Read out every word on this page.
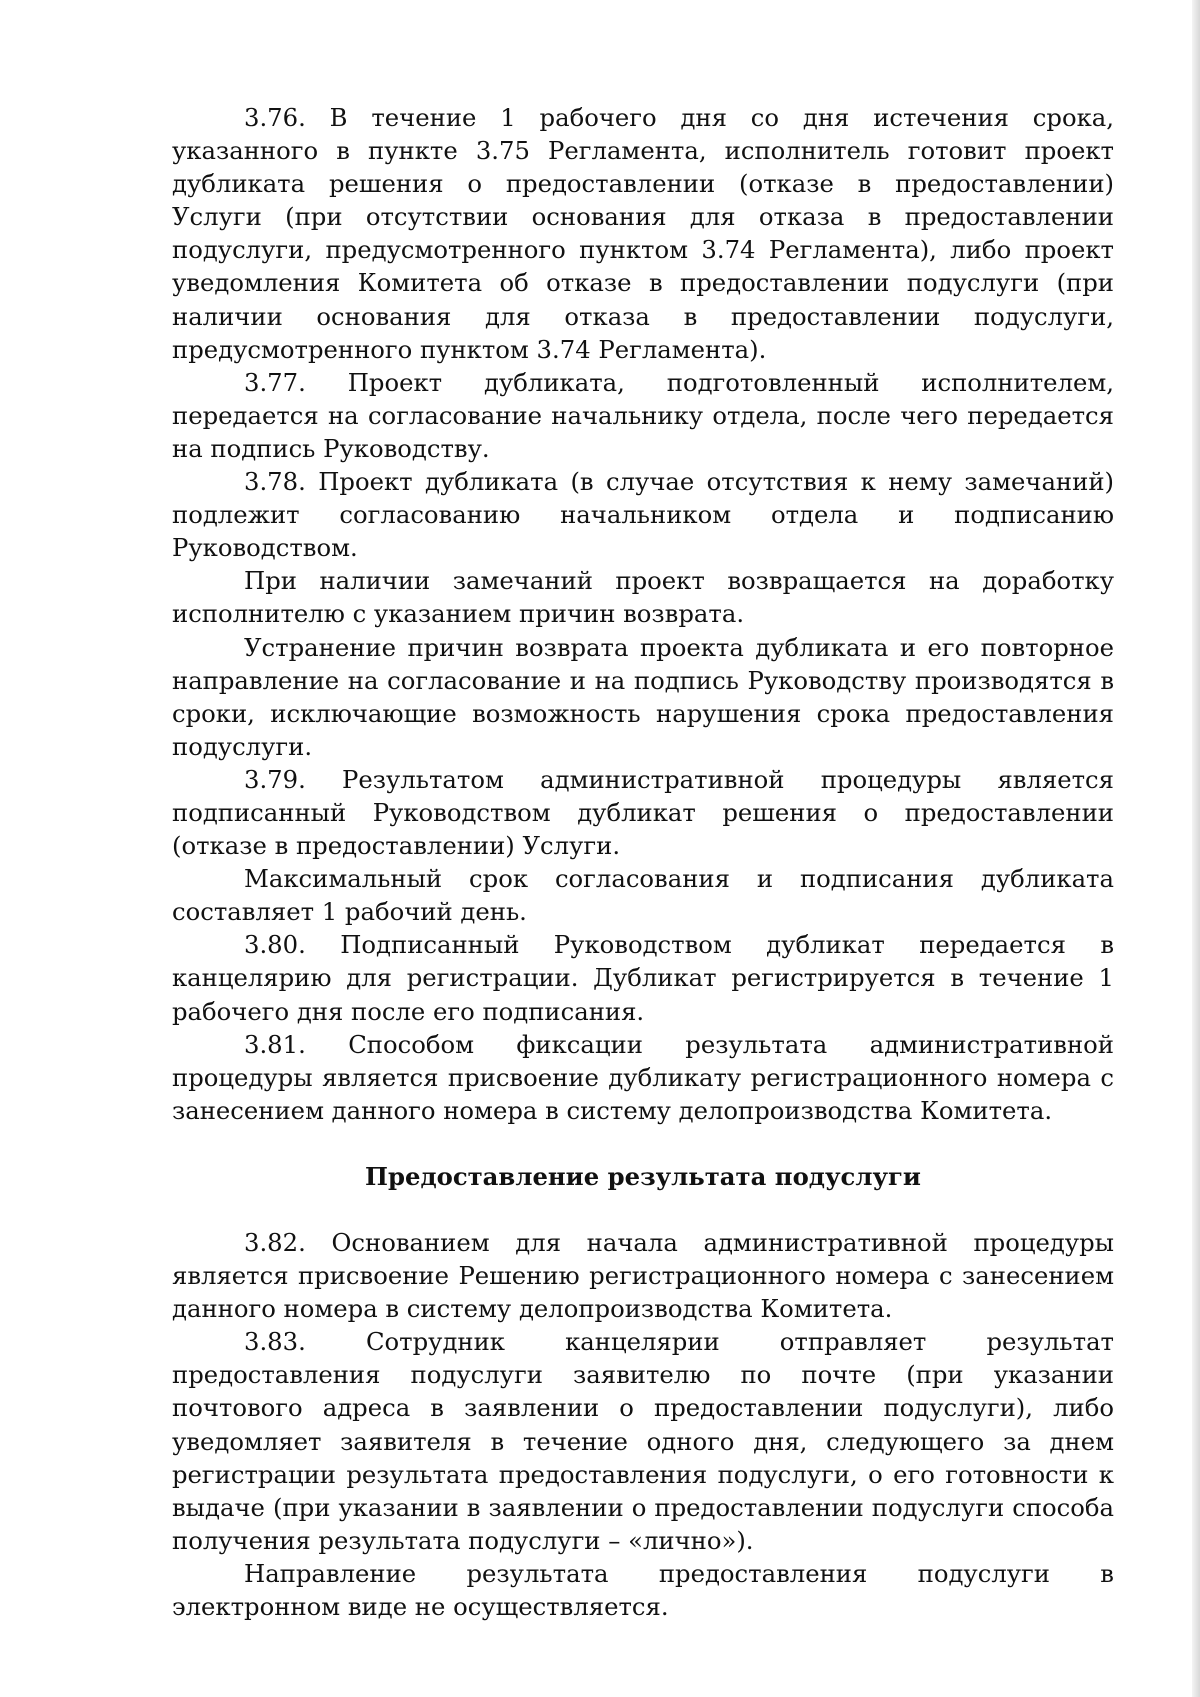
3.76. В течение 1 рабочего дня со дня истечения срока, указанного в пункте 3.75 Регламента, исполнитель готовит проект дубликата решения о предоставлении (отказе в предоставлении) Услуги (при отсутствии основания для отказа в предоставлении подуслуги, предусмотренного пунктом 3.74 Регламента), либо проект уведомления Комитета об отказе в предоставлении подуслуги (при наличии основания для отказа в предоставлении подуслуги, предусмотренного пунктом 3.74 Регламента).

3.77. Проект дубликата, подготовленный исполнителем, передается на согласование начальнику отдела, после чего передается на подпись Руководству.

3.78. Проект дубликата (в случае отсутствия к нему замечаний) подлежит согласованию начальником отдела и подписанию Руководством.

При наличии замечаний проект возвращается на доработку исполнителю с указанием причин возврата.

Устранение причин возврата проекта дубликата и его повторное направление на согласование и на подпись Руководству производятся в сроки, исключающие возможность нарушения срока предоставления подуслуги.

3.79. Результатом административной процедуры является подписанный Руководством дубликат решения о предоставлении (отказе в предоставлении) Услуги.

Максимальный срок согласования и подписания дубликата составляет 1 рабочий день.

3.80. Подписанный Руководством дубликат передается в канцелярию для регистрации. Дубликат регистрируется в течение 1 рабочего дня после его подписания.

3.81. Способом фиксации результата административной процедуры является присвоение дубликату регистрационного номера с занесением данного номера в систему делопроизводства Комитета.

Предоставление результата подуслуги

3.82. Основанием для начала административной процедуры является присвоение Решению регистрационного номера с занесением данного номера в систему делопроизводства Комитета.

3.83. Сотрудник канцелярии отправляет результат предоставления подуслуги заявителю по почте (при указании почтового адреса в заявлении о предоставлении подуслуги), либо уведомляет заявителя в течение одного дня, следующего за днем регистрации результата предоставления подуслуги, о его готовности к выдаче (при указании в заявлении о предоставлении подуслуги способа получения результата подуслуги – «лично»).

Направление результата предоставления подуслуги в электронном виде не осуществляется.
